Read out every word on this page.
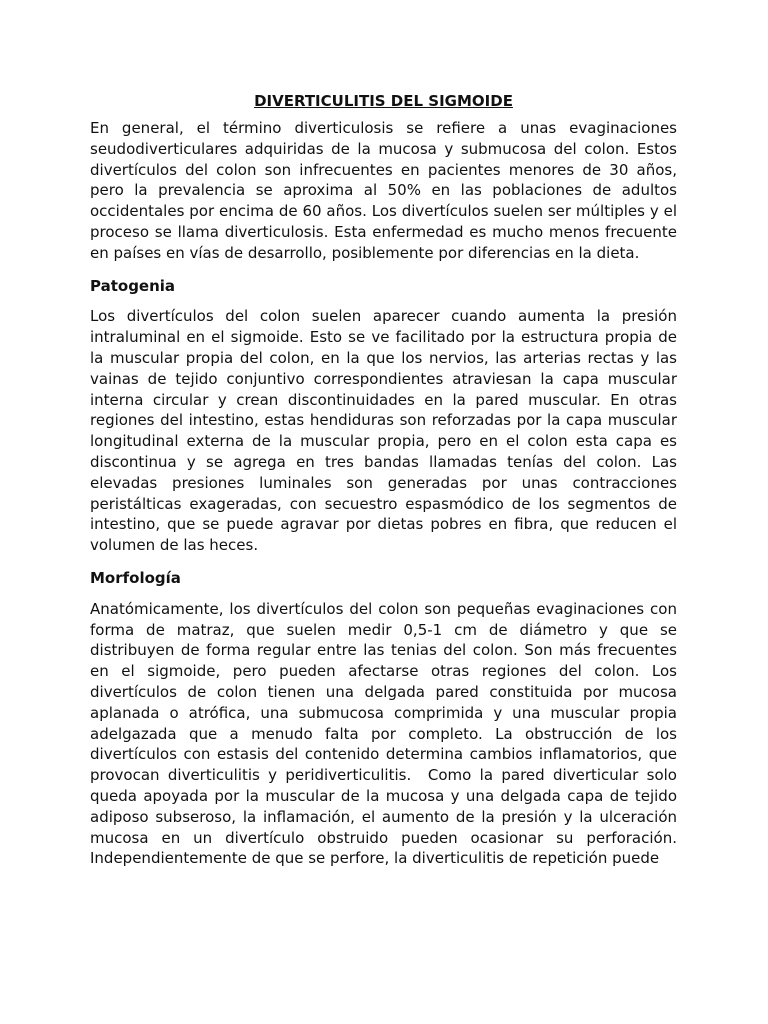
DIVERTICULITIS DEL SIGMOIDE

En general, el término diverticulosis se refiere a unas evaginaciones seudodiverticulares adquiridas de la mucosa y submucosa del colon. Estos divertículos del colon son infrecuentes en pacientes menores de 30 años, pero la prevalencia se aproxima al 50% en las poblaciones de adultos occidentales por encima de 60 años. Los divertículos suelen ser múltiples y el proceso se llama diverticulosis. Esta enfermedad es mucho menos frecuente en países en vías de desarrollo, posiblemente por diferencias en la dieta.

Patogenia

Los divertículos del colon suelen aparecer cuando aumenta la presión intraluminal en el sigmoide. Esto se ve facilitado por la estructura propia de la muscular propia del colon, en la que los nervios, las arterias rectas y las vainas de tejido conjuntivo correspondientes atraviesan la capa muscular interna circular y crean discontinuidades en la pared muscular. En otras regiones del intestino, estas hendiduras son reforzadas por la capa muscular longitudinal externa de la muscular propia, pero en el colon esta capa es discontinua y se agrega en tres bandas llamadas tenías del colon. Las elevadas presiones luminales son generadas por unas contracciones peristálticas exageradas, con secuestro espasmódico de los segmentos de intestino, que se puede agravar por dietas pobres en fibra, que reducen el volumen de las heces.

Morfología

Anatómicamente, los divertículos del colon son pequeñas evaginaciones con forma de matraz, que suelen medir 0,5-1 cm de diámetro y que se distribuyen de forma regular entre las tenias del colon. Son más frecuentes en el sigmoide, pero pueden afectarse otras regiones del colon. Los divertículos de colon tienen una delgada pared constituida por mucosa aplanada o atrófica, una submucosa comprimida y una muscular propia adelgazada que a menudo falta por completo. La obstrucción de los divertículos con estasis del contenido determina cambios inflamatorios, que provocan diverticulitis y peridiverticulitis.  Como la pared diverticular solo queda apoyada por la muscular de la mucosa y una delgada capa de tejido adiposo subseroso, la inflamación, el aumento de la presión y la ulceración mucosa en un divertículo obstruido pueden ocasionar su perforación. Independientemente de que se perfore, la diverticulitis de repetición puede
